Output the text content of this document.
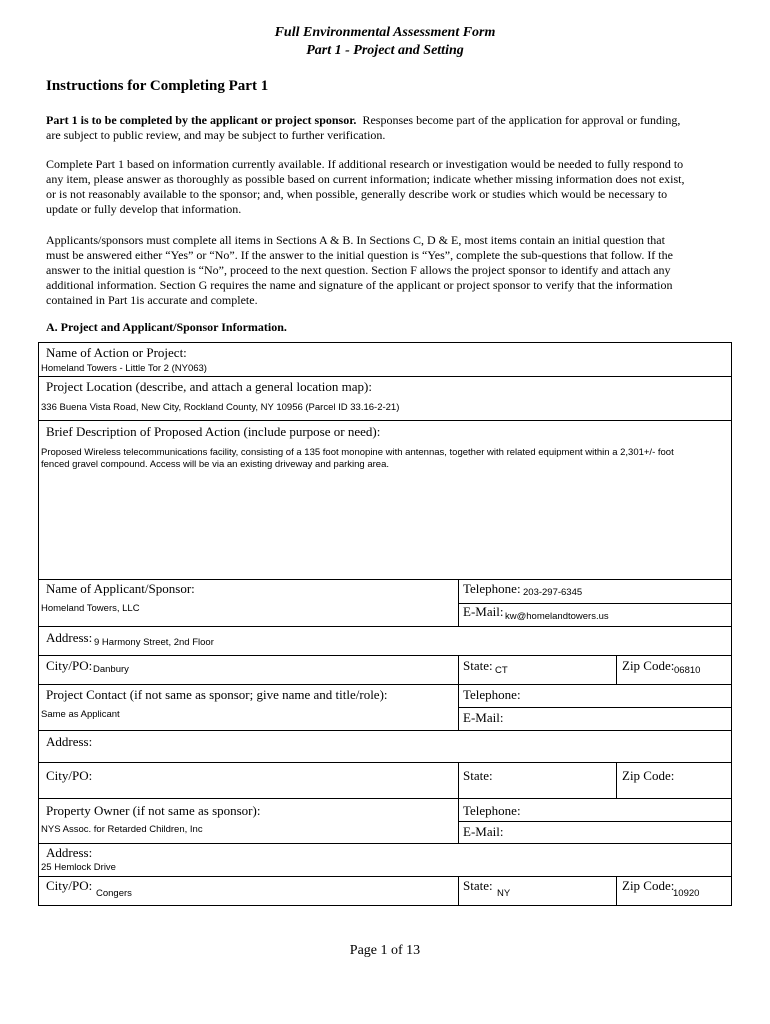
Full Environmental Assessment Form
Part 1 - Project and Setting
Instructions for Completing Part 1
Part 1 is to be completed by the applicant or project sponsor.  Responses become part of the application for approval or funding,
are subject to public review, and may be subject to further verification.
Complete Part 1 based on information currently available. If additional research or investigation would be needed to fully respond to
any item, please answer as thoroughly as possible based on current information; indicate whether missing information does not exist,
or is not reasonably available to the sponsor; and, when possible, generally describe work or studies which would be necessary to
update or fully develop that information.
Applicants/sponsors must complete all items in Sections A & B. In Sections C, D & E, most items contain an initial question that
must be answered either “Yes” or “No”. If the answer to the initial question is “Yes”, complete the sub-questions that follow. If the
answer to the initial question is “No”, proceed to the next question. Section F allows the project sponsor to identify and attach any
additional information. Section G requires the name and signature of the applicant or project sponsor to verify that the information
contained in Part 1is accurate and complete.
A. Project and Applicant/Sponsor Information.
Name of Action or Project:
Homeland Towers - Little Tor 2 (NY063)
Project Location (describe, and attach a general location map):
336 Buena Vista Road, New City, Rockland County, NY 10956 (Parcel ID 33.16-2-21)
Brief Description of Proposed Action (include purpose or need):
Proposed Wireless telecommunications facility, consisting of a 135 foot monopine with antennas, together with related equipment within a 2,301+/- foot
fenced gravel compound. Access will be via an existing driveway and parking area.
Name of Applicant/Sponsor:
Homeland Towers, LLC
Telephone: 203-297-6345
E-Mail: kw@homelandtowers.us
Address: 9 Harmony Street, 2nd Floor
City/PO: Danbury	State: CT	Zip Code: 06810
Project Contact (if not same as sponsor; give name and title/role):
Same as Applicant
Telephone:
E-Mail:
Address:
City/PO:	State:	Zip Code:
Property Owner (if not same as sponsor):
NYS Assoc. for Retarded Children, Inc
Telephone:
E-Mail:
Address:
25 Hemlock Drive
City/PO:
Congers
State:
NY
Zip Code:
10920
Page 1 of 13
